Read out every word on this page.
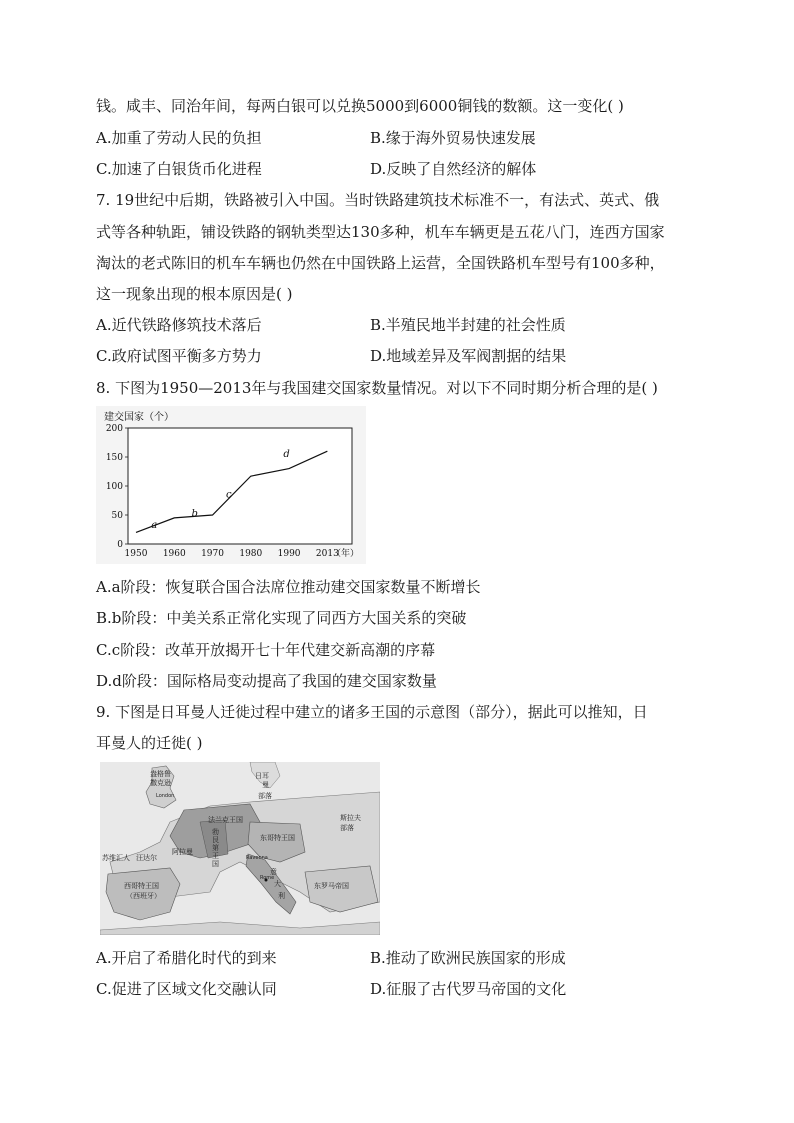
钱。咸丰、同治年间，每两白银可以兑换5000到6000铜钱的数额。这一变化( )
A.加重了劳动人民的负担	B.缘于海外贸易快速发展
C.加速了白银货币化进程	D.反映了自然经济的解体
7. 19世纪中后期，铁路被引入中国。当时铁路建筑技术标准不一，有法式、英式、俄
式等各种轨距，铺设铁路的钢轨类型达130多种，机车车辆更是五花八门，连西方国家
淘汰的老式陈旧的机车车辆也仍然在中国铁路上运营，全国铁路机车型号有100多种，
这一现象出现的根本原因是( )
A.近代铁路修筑技术落后	B.半殖民地半封建的社会性质
C.政府试图平衡多方势力	D.地域差异及军阀割据的结果
8. 下图为1950—2013年与我国建交国家数量情况。对以下不同时期分析合理的是( )
建交国家（个）
0
50
100
150
200
1950 1960 1970 1980 1990 2013
a
b
c
d
（年）
A.a阶段：恢复联合国合法席位推动建交国家数量不断增长
B.b阶段：中美关系正常化实现了同西方大国关系的突破
C.c阶段：改革开放揭开七十年代建交新高潮的序幕
D.d阶段：国际格局变动提高了我国的建交国家数量
9. 下图是日耳曼人迁徙过程中建立的诸多王国的示意图（部分），据此可以推知，日
耳曼人的迁徙( )
盎格鲁
撒克逊
London
日耳
曼
部落
法兰克王国
勃
艮
第
王
国
东哥特王国
斯拉夫
部落
苏维汇人 汪达尔
阿拉曼
西哥特王国
（西班牙）
意
大
利
东罗马帝国
Ravenna
Rome
A.开启了希腊化时代的到来	B.推动了欧洲民族国家的形成
C.促进了区域文化交融认同	D.征服了古代罗马帝国的文化
